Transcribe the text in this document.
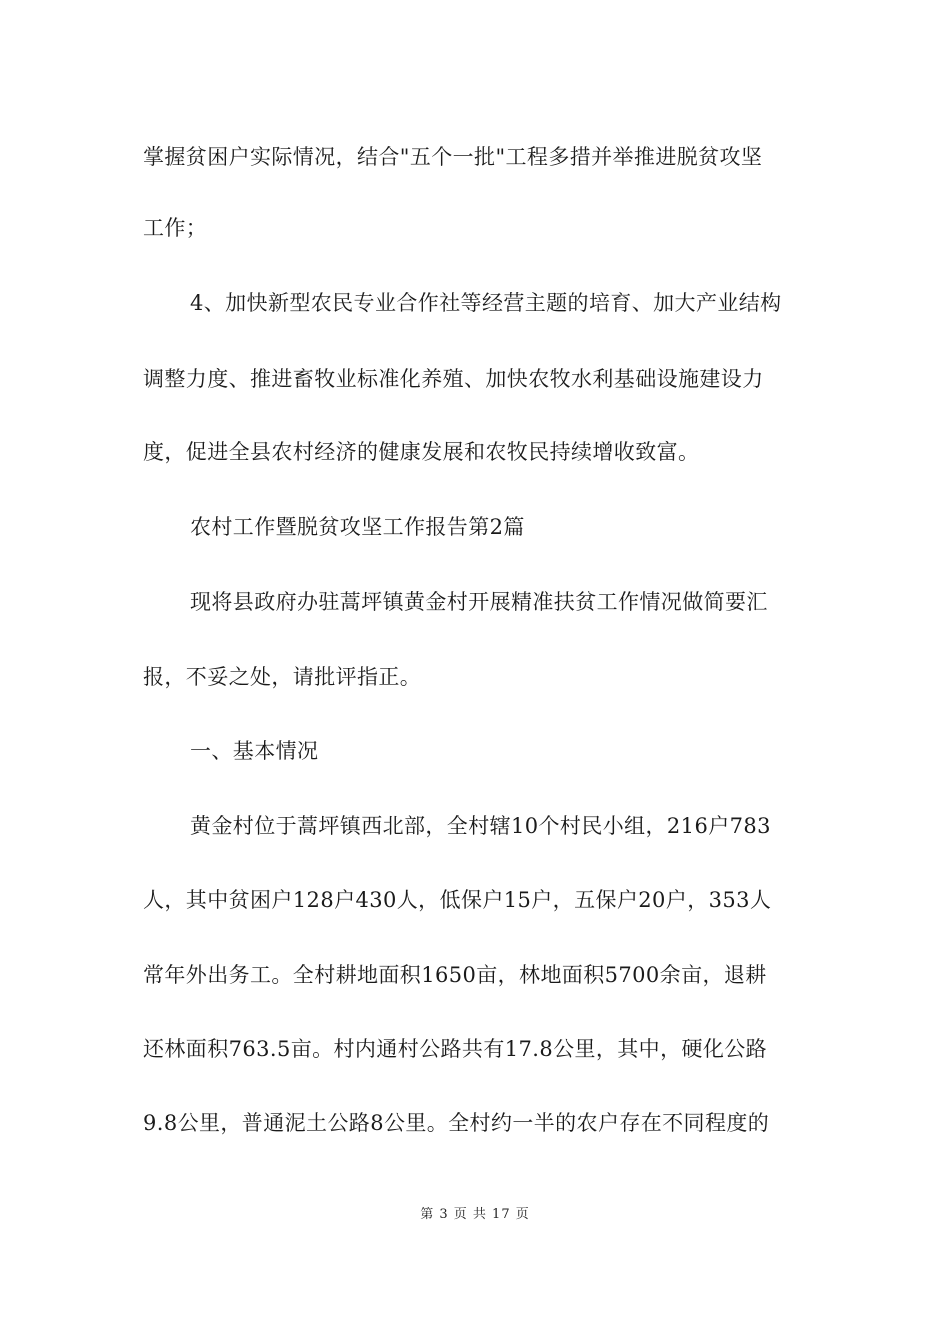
掌握贫困户实际情况，结合"五个一批"工程多措并举推进脱贫攻坚
工作；
4、加快新型农民专业合作社等经营主题的培育、加大产业结构
调整力度、推进畜牧业标准化养殖、加快农牧水利基础设施建设力
度，促进全县农村经济的健康发展和农牧民持续增收致富。
农村工作暨脱贫攻坚工作报告第2篇
现将县政府办驻蒿坪镇黄金村开展精准扶贫工作情况做简要汇
报，不妥之处，请批评指正。
一、基本情况
黄金村位于蒿坪镇西北部，全村辖10个村民小组，216户783
人，其中贫困户128户430人，低保户15户，五保户20户，353人
常年外出务工。全村耕地面积1650亩，林地面积5700余亩，退耕
还林面积763.5亩。村内通村公路共有17.8公里，其中，硬化公路
9.8公里，普通泥土公路8公里。全村约一半的农户存在不同程度的
第 3 页 共 17 页
